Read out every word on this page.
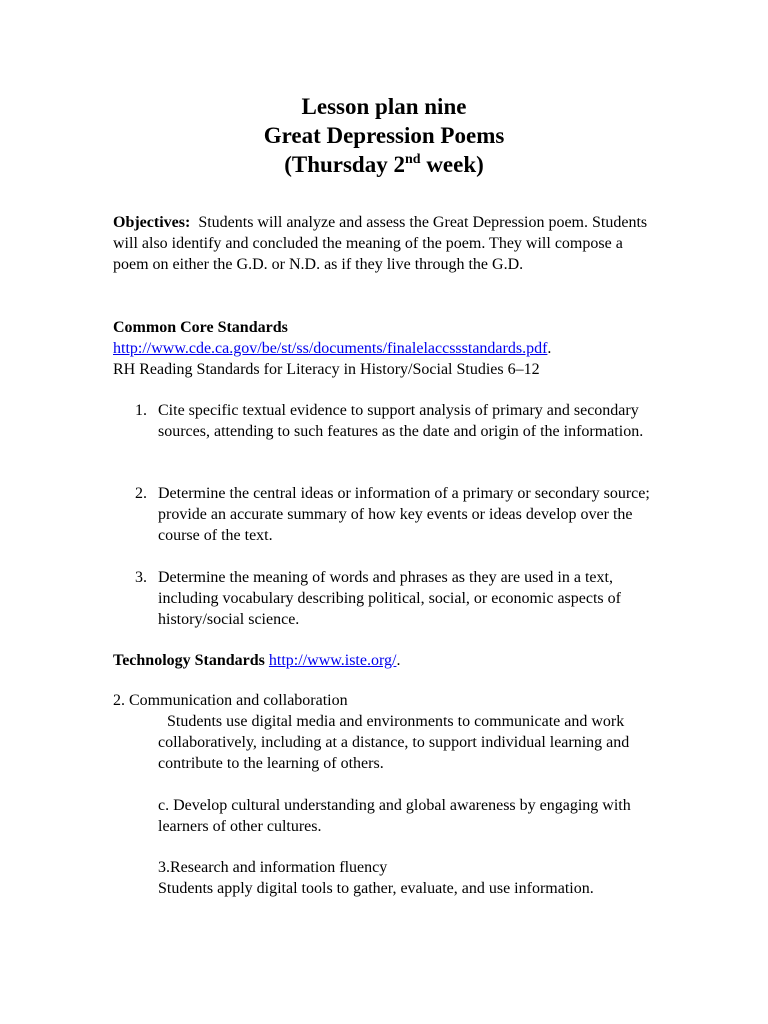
Lesson plan nine
Great Depression Poems
(Thursday 2nd week)
Objectives: Students will analyze and assess the Great Depression poem. Students will also identify and concluded the meaning of the poem. They will compose a poem on either the G.D. or N.D. as if they live through the G.D.
Common Core Standards
http://www.cde.ca.gov/be/st/ss/documents/finalelaccssstandards.pdf.
RH Reading Standards for Literacy in History/Social Studies 6–12
1. Cite specific textual evidence to support analysis of primary and secondary sources, attending to such features as the date and origin of the information.
2. Determine the central ideas or information of a primary or secondary source; provide an accurate summary of how key events or ideas develop over the course of the text.
3. Determine the meaning of words and phrases as they are used in a text, including vocabulary describing political, social, or economic aspects of history/social science.
Technology Standards http://www.iste.org/.
2. Communication and collaboration
Students use digital media and environments to communicate and work collaboratively, including at a distance, to support individual learning and contribute to the learning of others.
c. Develop cultural understanding and global awareness by engaging with learners of other cultures.
3.Research and information fluency
Students apply digital tools to gather, evaluate, and use information.
